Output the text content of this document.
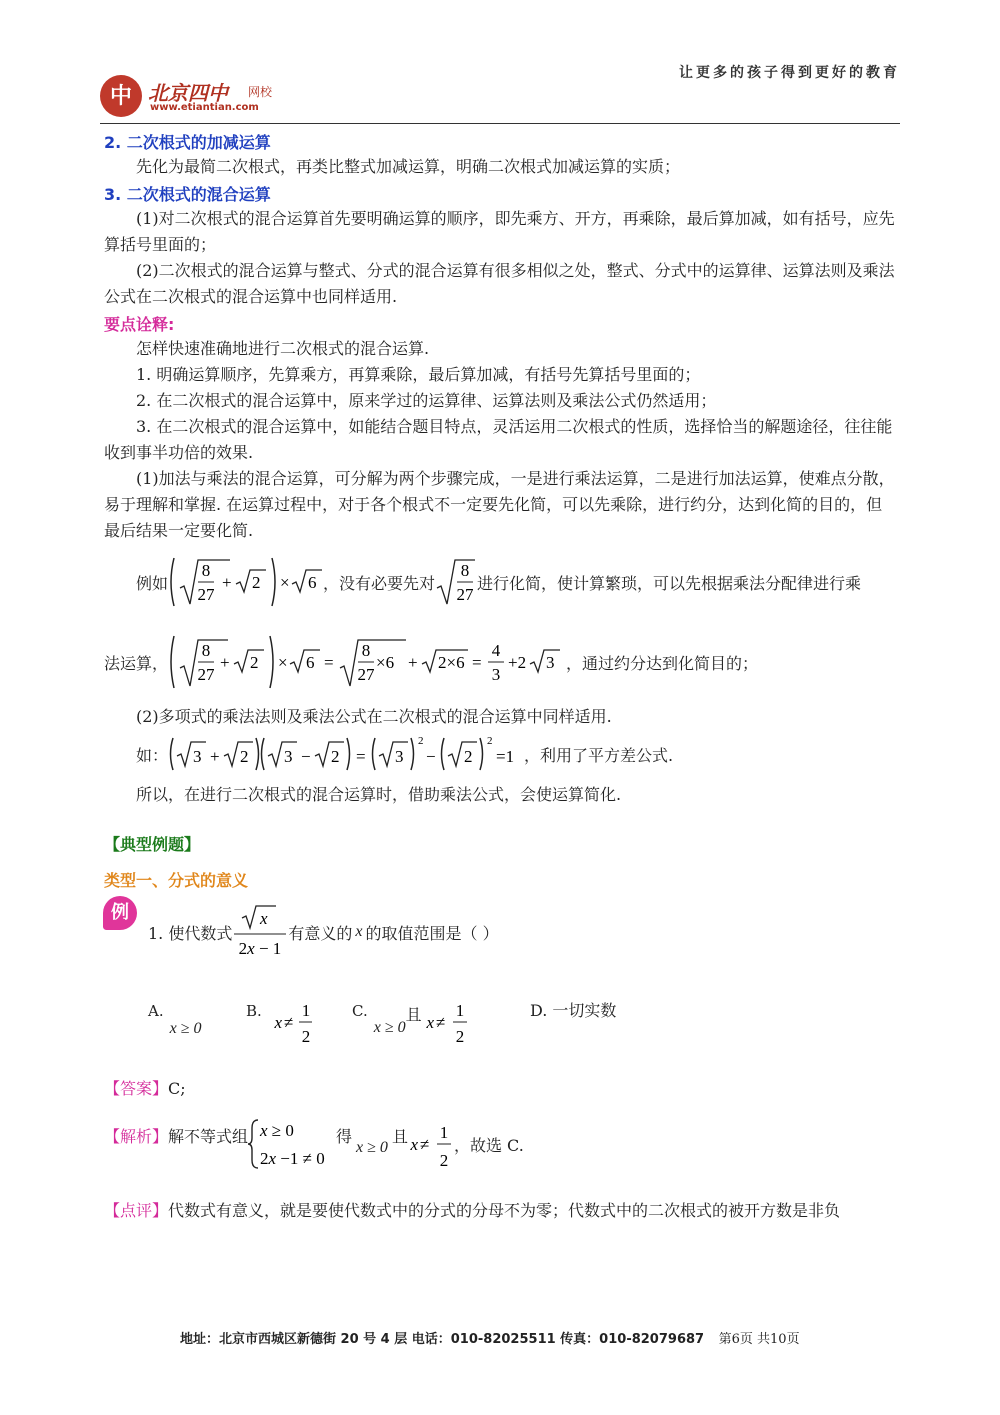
让更多的孩子得到更好的教育
中 北京四中 网校
www.etiantian.com
2. 二次根式的加减运算
先化为最简二次根式，再类比整式加减运算，明确二次根式加减运算的实质；
3. 二次根式的混合运算
(1)对二次根式的混合运算首先要明确运算的顺序，即先乘方、开方，再乘除，最后算加减，如有括号，应先算括号里面的；
(2)二次根式的混合运算与整式、分式的混合运算有很多相似之处，整式、分式中的运算律、运算法则及乘法公式在二次根式的混合运算中也同样适用.
要点诠释:
怎样快速准确地进行二次根式的混合运算.
1. 明确运算顺序，先算乘方，再算乘除，最后算加减，有括号先算括号里面的；
2. 在二次根式的混合运算中，原来学过的运算律、运算法则及乘法公式仍然适用；
3. 在二次根式的混合运算中，如能结合题目特点，灵活运用二次根式的性质，选择恰当的解题途径，往往能收到事半功倍的效果.
(1)加法与乘法的混合运算，可分解为两个步骤完成，一是进行乘法运算，二是进行加法运算，使难点分散，易于理解和掌握. 在运算过程中，对于各个根式不一定要先化简，可以先乘除，进行约分，达到化简的目的，但最后结果一定要化简.
例如
8
27
+ 2 × 6 ，没有必要先对
8
27
进行化简，使计算繁琐，可以先根据乘法分配律进行乘
法运算，
8
27
+ 2 × 6 =
8
27
×6 + 2×6 =
4
3
+2 3 ，通过约分达到化简目的；
(2)多项式的乘法法则及乘法公式在二次根式的混合运算中同样适用.
如： 3 + 2 3 − 2 = 3
2
− 2
2
=1 ，利用了平方差公式.
所以，在进行二次根式的混合运算时，借助乘法公式，会使运算简化.
【典型例题】
类型一、分式的意义
例
1. 使代数式
x
2x − 1
有意义的 x 的取值范围是（ ）
A.
x ≥ 0
B.
x ≠
1
2
C.
x ≥ 0
且 x ≠
1
2
D. 一切实数
【答案】C;
【解析】 解不等式组 x ≥ 0
2x −1 ≠ 0
得
x ≥ 0
且 x ≠
1
2
，故选 C.
【点评】代数式有意义，就是要使代数式中的分式的分母不为零；代数式中的二次根式的被开方数是非负
地址：北京市西城区新德街 20 号 4 层 电话：010-82025511 传真：010-82079687 第6页 共10页
